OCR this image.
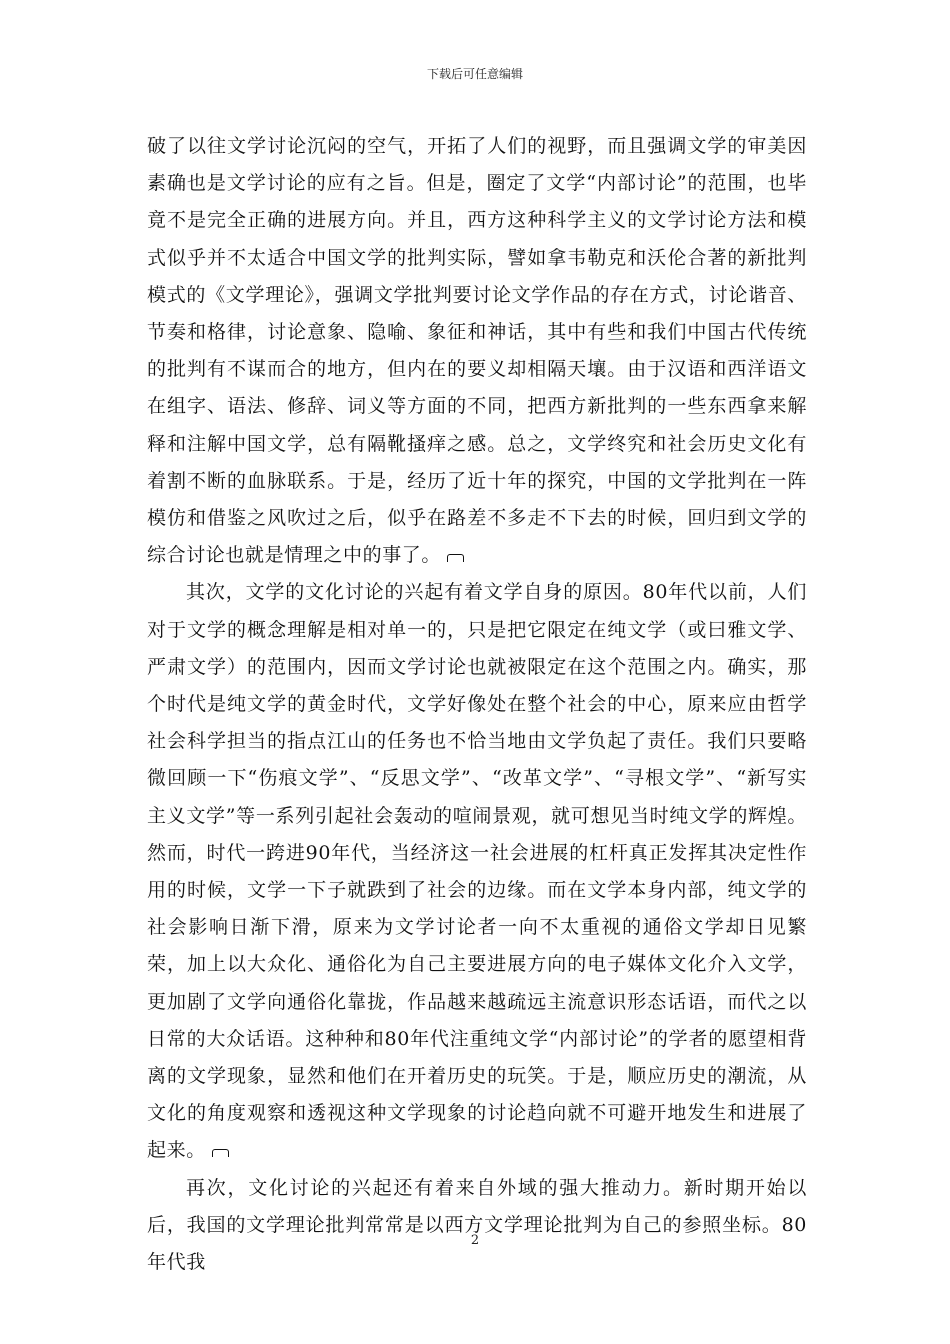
下载后可任意编辑

破了以往文学讨论沉闷的空气，开拓了人们的视野，而且强调文学的审美因素确也是文学讨论的应有之旨。但是，圈定了文学“内部讨论”的范围，也毕竟不是完全正确的进展方向。并且，西方这种科学主义的文学讨论方法和模式似乎并不太适合中国文学的批判实际，譬如拿韦勒克和沃伦合著的新批判模式的《文学理论》，强调文学批判要讨论文学作品的存在方式，讨论谐音、节奏和格律，讨论意象、隐喻、象征和神话，其中有些和我们中国古代传统的批判有不谋而合的地方，但内在的要义却相隔天壤。由于汉语和西洋语文在组字、语法、修辞、词义等方面的不同，把西方新批判的一些东西拿来解释和注解中国文学，总有隔靴搔痒之感。总之，文学终究和社会历史文化有着割不断的血脉联系。于是，经历了近十年的探究，中国的文学批判在一阵模仿和借鉴之风吹过之后，似乎在路差不多走不下去的时候，回归到文学的综合讨论也就是情理之中的事了。

其次，文学的文化讨论的兴起有着文学自身的原因。80年代以前，人们对于文学的概念理解是相对单一的，只是把它限定在纯文学（或曰雅文学、严肃文学）的范围内，因而文学讨论也就被限定在这个范围之内。确实，那个时代是纯文学的黄金时代，文学好像处在整个社会的中心，原来应由哲学社会科学担当的指点江山的任务也不恰当地由文学负起了责任。我们只要略微回顾一下“伤痕文学”、“反思文学”、“改革文学”、“寻根文学”、“新写实主义文学”等一系列引起社会轰动的喧闹景观，就可想见当时纯文学的辉煌。然而，时代一跨进90年代，当经济这一社会进展的杠杆真正发挥其决定性作用的时候，文学一下子就跌到了社会的边缘。而在文学本身内部，纯文学的社会影响日渐下滑，原来为文学讨论者一向不太重视的通俗文学却日见繁荣，加上以大众化、通俗化为自己主要进展方向的电子媒体文化介入文学，更加剧了文学向通俗化靠拢，作品越来越疏远主流意识形态话语，而代之以日常的大众话语。这种种和80年代注重纯文学“内部讨论”的学者的愿望相背离的文学现象，显然和他们在开着历史的玩笑。于是，顺应历史的潮流，从文化的角度观察和透视这种文学现象的讨论趋向就不可避开地发生和进展了起来。

再次，文化讨论的兴起还有着来自外域的强大推动力。新时期开始以后，我国的文学理论批判常常是以西方文学理论批判为自己的参照坐标。80年代我

2
